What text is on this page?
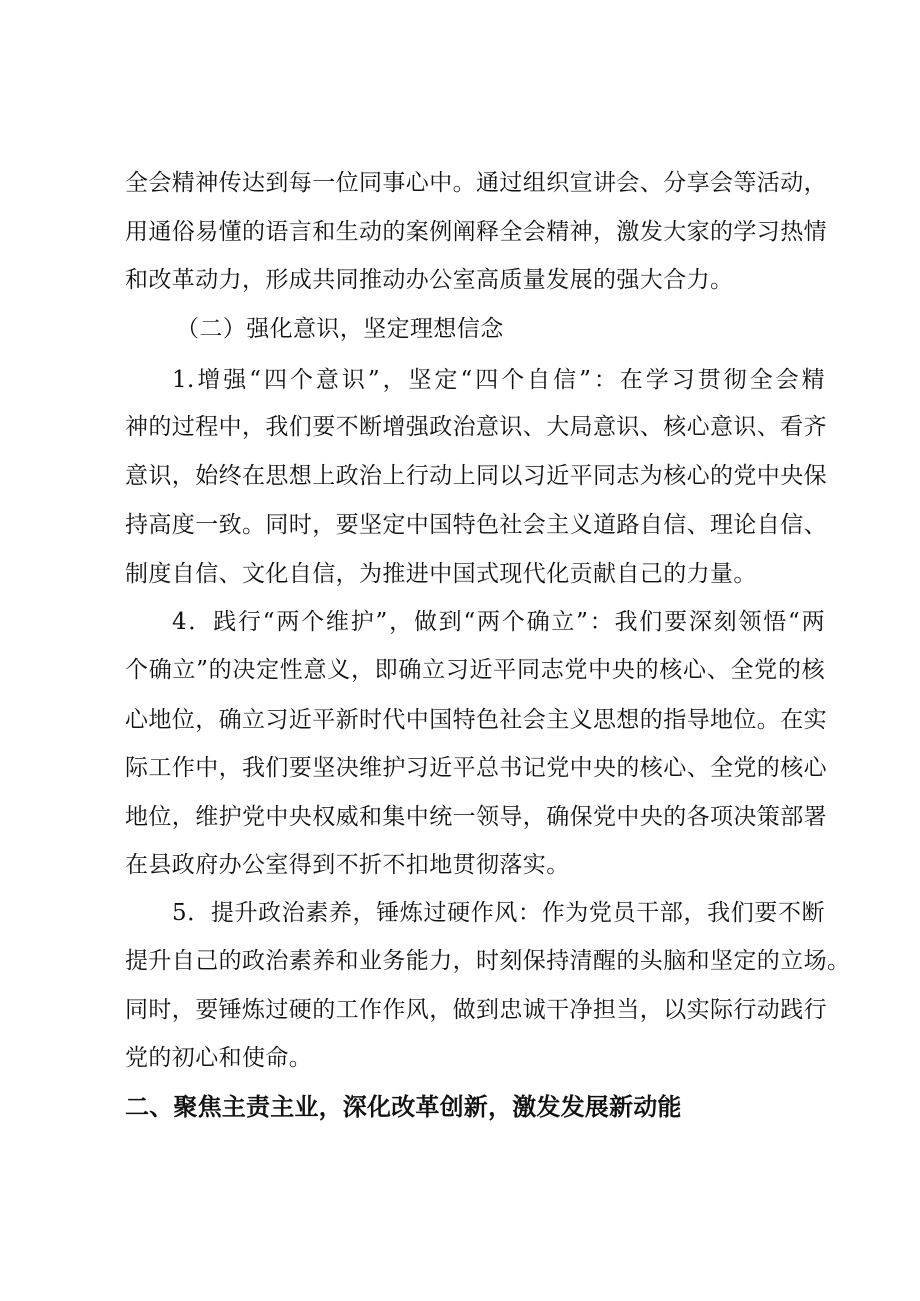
全会精神传达到每一位同事心中。通过组织宣讲会、分享会等活动，
用通俗易懂的语言和生动的案例阐释全会精神，激发大家的学习热情
和改革动力，形成共同推动办公室高质量发展的强大合力。
（二）强化意识，坚定理想信念
1.增强“四个意识”，坚定“四个自信”：在学习贯彻全会精
神的过程中，我们要不断增强政治意识、大局意识、核心意识、看齐
意识，始终在思想上政治上行动上同以习近平同志为核心的党中央保
持高度一致。同时，要坚定中国特色社会主义道路自信、理论自信、
制度自信、文化自信，为推进中国式现代化贡献自己的力量。
4．践行“两个维护”，做到“两个确立”：我们要深刻领悟“两
个确立”的决定性意义，即确立习近平同志党中央的核心、全党的核
心地位，确立习近平新时代中国特色社会主义思想的指导地位。在实
际工作中，我们要坚决维护习近平总书记党中央的核心、全党的核心
地位，维护党中央权威和集中统一领导，确保党中央的各项决策部署
在县政府办公室得到不折不扣地贯彻落实。
5．提升政治素养，锤炼过硬作风：作为党员干部，我们要不断
提升自己的政治素养和业务能力，时刻保持清醒的头脑和坚定的立场。
同时，要锤炼过硬的工作作风，做到忠诚干净担当，以实际行动践行
党的初心和使命。
二、聚焦主责主业，深化改革创新，激发发展新动能
